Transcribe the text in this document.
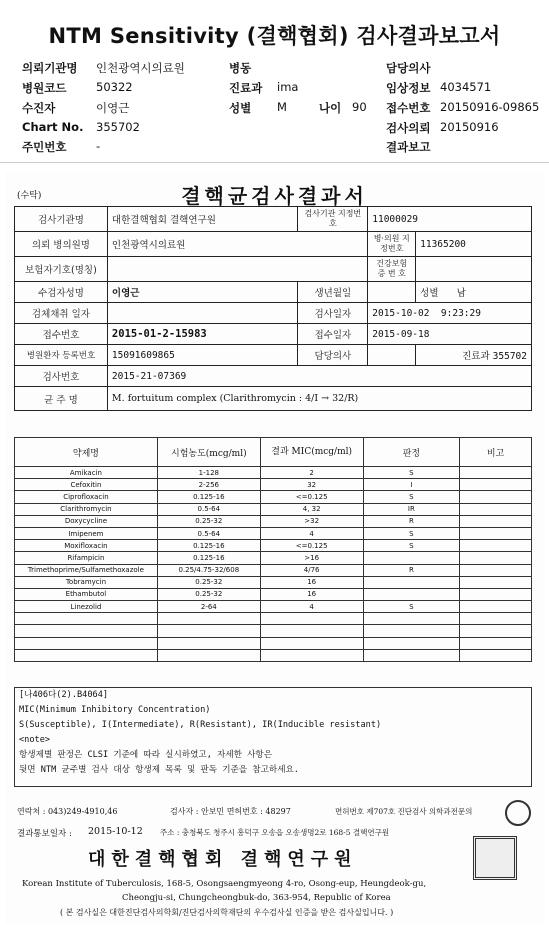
NTM Sensitivity (결핵협회) 검사결과보고서
의뢰기관명 인천광역시의료원	병동	담당의사
병원코드	50322	진료과 ima	임상정보 4034571
수진자	이영근	성별 M	나이 90 접수번호 20150916-09865
Chart No. 355702	검사의뢰 20150916
주민번호	-	결과보고
(수탁)	결핵균검사결과서
검사기관명	대한결핵협회 결핵연구원	검사기관 지정번호	11000029	
의뢰 병의원명	인천광역시의료원		병·의원 지정번호	11365200
보험자기호(명칭)			건강보험 증 번 호	
수검자성명	이영근	생년월일		성별 남
검체채취 일자		검사일자	2015-10-02 9:23:29	
접수번호	2015-01-2-15983	접수일자	2015-09-18	
병원환자 등록번호	15091609865	담당의사		진료과 355702
검사번호	2015-21-07369			
균 주 명	M. fortuitum complex (Clarithromycin : 4/I → 32/R)			
약제명	시험농도(mcg/ml)	결과 MIC(mcg/ml)	판정	비고
Amikacin	1-128	2	S	
Cefoxitin	2-256	32	I	
Ciprofloxacin	0.125-16	<=0.125	S	
Clarithromycin	0.5-64	4, 32	IR	
Doxycycline	0.25-32	>32	R	
Imipenem	0.5-64	4	S	
Moxifloxacin	0.125-16	<=0.125	S	
Rifampicin	0.125-16	>16		
Trimethoprime/Sulfamethoxazole	0.25/4.75-32/608	4/76	R	
Tobramycin	0.25-32	16		
Ethambutol	0.25-32	16		
Linezolid	2-64	4	S	

[나406다(2).B4064]
MIC(Minimum Inhibitory Concentration)
S(Susceptible), I(Intermediate), R(Resistant), IR(Inducible resistant)
<note>
항생제별 판정은 CLSI 기준에 따라 실시하였고, 자세한 사항은
뒷면 NTM 균주별 검사 대상 항생제 목록 및 판독 기준을 참고하세요.
연락처 : 043)249-4910,46	검사자 : 안보민 면허번호 : 48297	면허번호 제707호 진단검사 의학과전문의
결과통보일자 : 2015-10-12 주소 : 충청북도 청주시 흥덕구 오송읍 오송생명2로 168-5 결핵연구원
대한결핵협회 결핵연구원
Korean Institute of Tuberculosis, 168-5, Osongsaengmyeong 4-ro, Osong-eup, Heungdeok-gu,
Cheongju-si, Chungcheongbuk-do, 363-954, Republic of Korea
( 본 검사실은 대한진단검사의학회/진단검사의학재단의 우수검사실 인증을 받은 검사실입니다. )
